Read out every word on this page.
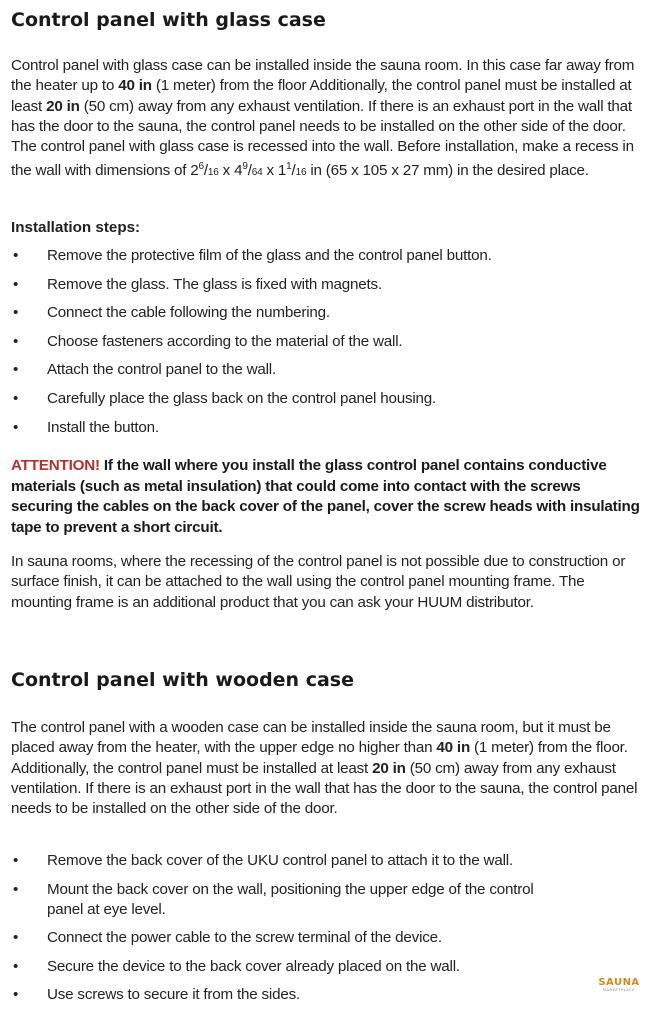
Control panel with glass case

Control panel with glass case can be installed inside the sauna room. In this case far away from the heater up to 40 in (1 meter) from the floor Additionally, the control panel must be installed at least 20 in (50 cm) away from any exhaust ventilation. If there is an exhaust port in the wall that has the door to the sauna, the control panel needs to be installed on the other side of the door. The control panel with glass case is recessed into the wall. Before installation, make a recess in the wall with dimensions of $2^6/16$ x $4^9/64$ x $1^1/16$ in (65 x 105 x 27 mm) in the desired place.

Installation steps:
• Remove the protective film of the glass and the control panel button.
• Remove the glass. The glass is fixed with magnets.
• Connect the cable following the numbering.
• Choose fasteners according to the material of the wall.
• Attach the control panel to the wall.
• Carefully place the glass back on the control panel housing.
• Install the button.

ATTENTION! If the wall where you install the glass control panel contains conductive materials (such as metal insulation) that could come into contact with the screws securing the cables on the back cover of the panel, cover the screw heads with insulating tape to prevent a short circuit.

In sauna rooms, where the recessing of the control panel is not possible due to construction or surface finish, it can be attached to the wall using the control panel mounting frame. The mounting frame is an additional product that you can ask your HUUM distributor.

Control panel with wooden case

The control panel with a wooden case can be installed inside the sauna room, but it must be placed away from the heater, with the upper edge no higher than 40 in (1 meter) from the floor. Additionally, the control panel must be installed at least 20 in (50 cm) away from any exhaust ventilation. If there is an exhaust port in the wall that has the door to the sauna, the control panel needs to be installed on the other side of the door.

• Remove the back cover of the UKU control panel to attach it to the wall.
• Mount the back cover on the wall, positioning the upper edge of the control panel at eye level.
• Connect the power cable to the screw terminal of the device.
• Secure the device to the back cover already placed on the wall.
• Use screws to secure it from the sides.
SAUNA
MARKETPLACE
